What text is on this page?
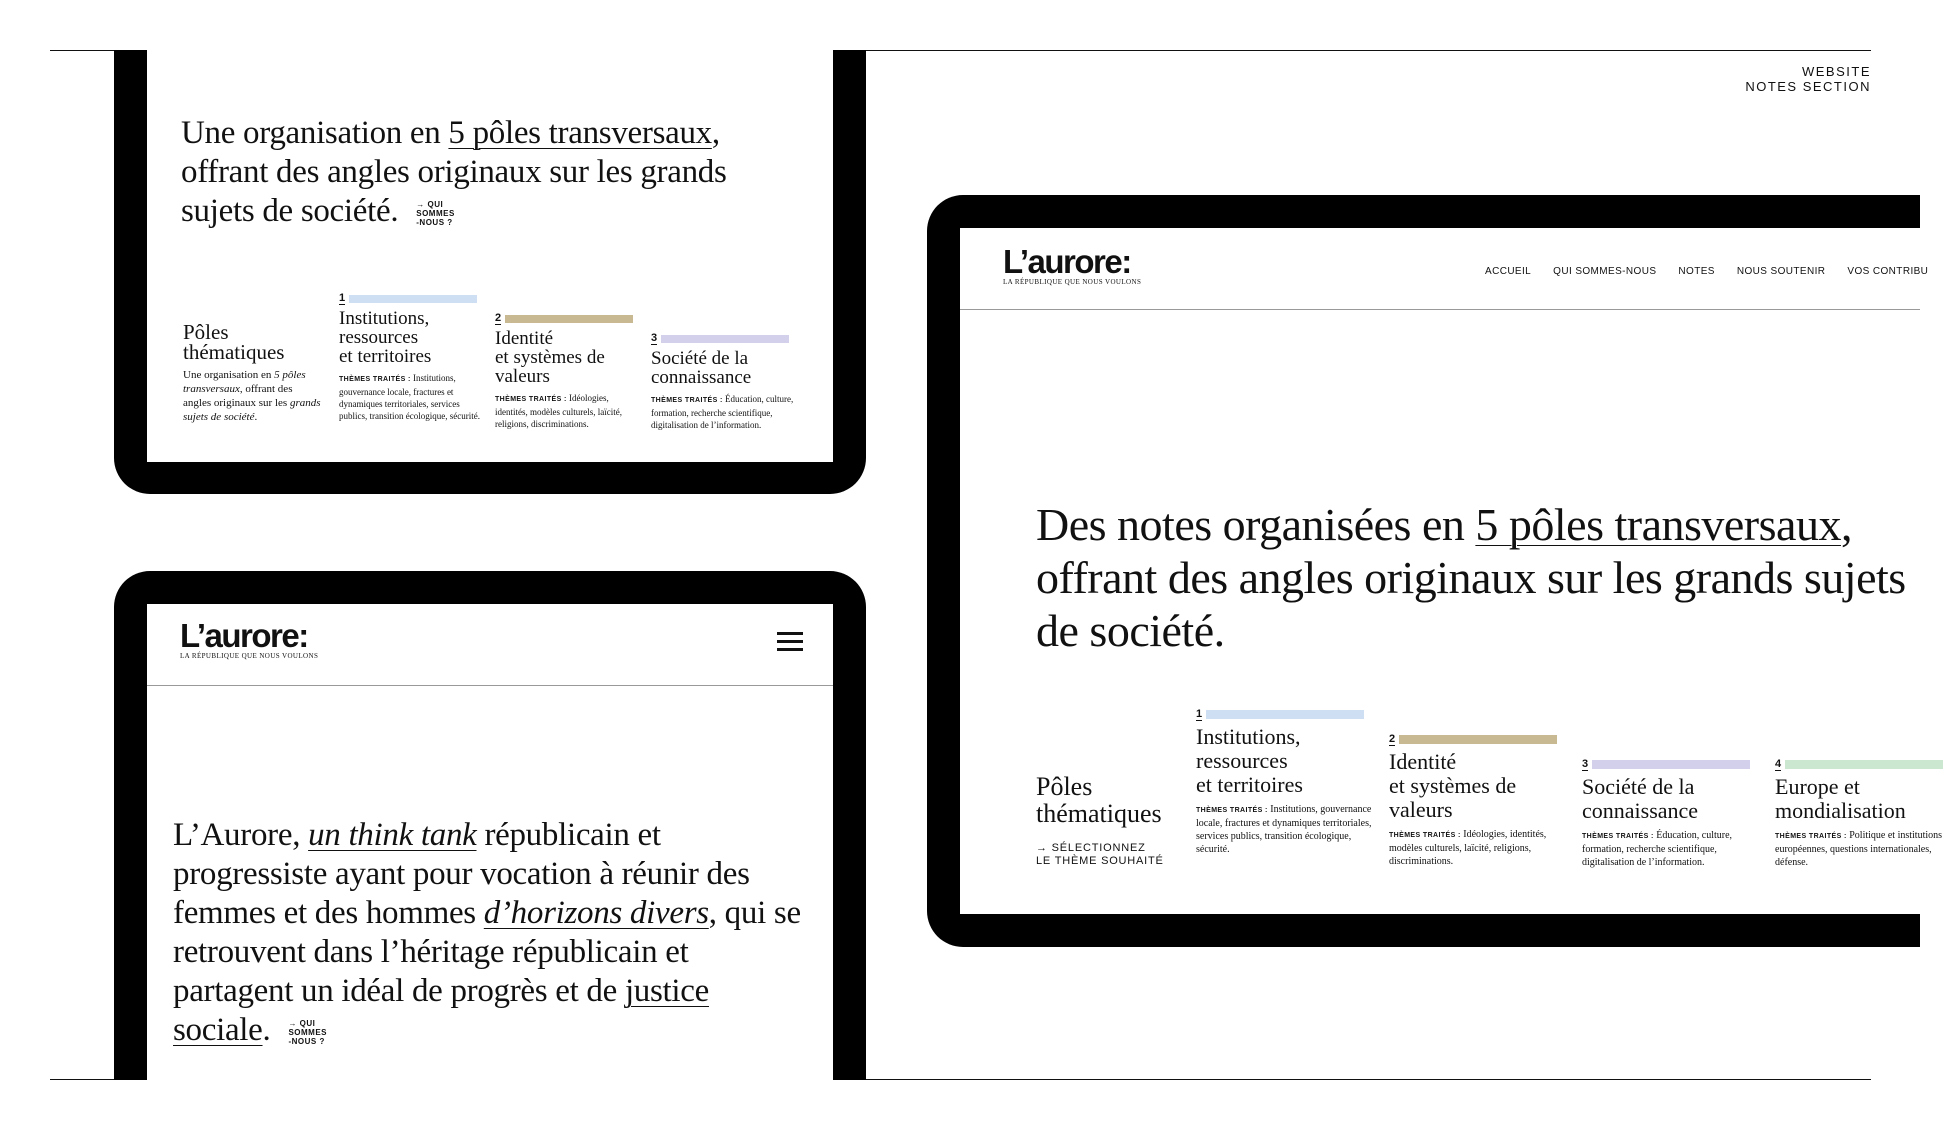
WEBSITE
NOTES SECTION

Une organisation en 5 pôles transversaux, offrant des angles originaux sur les grands sujets de société. → QUI
SOMMES
-NOUS ?

Pôles
thématiques
Une organisation en 5 pôles transversaux, offrant des angles originaux sur les grands sujets de société.
1
Institutions,
ressources
et territoires
THÈMES TRAITÉS : Institutions, gouvernance locale, fractures et dynamiques territoriales, services publics, transition écologique, sécurité.
2
Identité
et systèmes de
valeurs
THÈMES TRAITÉS : Idéologies, identités, modèles culturels, laïcité, religions, discriminations.
3
Société de la
connaissance
THÈMES TRAITÉS : Éducation, culture, formation, recherche scientifique, digitalisation de l’information.
L’aurore:
LA RÉPUBLIQUE QUE NOUS VOULONS

L’Aurore, un think tank républicain et progressiste ayant pour vocation à réunir des femmes et des hommes d’horizons divers, qui se retrouvent dans l’héritage républicain et partagent un idéal de progrès et de justice sociale. → QUI
SOMMES
-NOUS ?

L’aurore:
LA RÉPUBLIQUE QUE NOUS VOULONS
ACCUEIL QUI SOMMES-NOUS NOTES NOUS SOUTENIR VOS CONTRIBU

Des notes organisées en 5 pôles transversaux, offrant des angles originaux sur les grands sujets de société.

Pôles
thématiques
→ SÉLECTIONNEZ
LE THÈME SOUHAITÉ
1
Institutions,
ressources
et territoires
THÈMES TRAITÉS : Institutions, gouvernance locale, fractures et dynamiques territoriales, services publics, transition écologique, sécurité.
2
Identité
et systèmes de
valeurs
THÈMES TRAITÉS : Idéologies, identités, modèles culturels, laïcité, religions, discriminations.
3
Société de la
connaissance
THÈMES TRAITÉS : Éducation, culture, formation, recherche scientifique, digitalisation de l’information.
4
Europe et
mondialisation
THÈMES TRAITÉS : Politique et institutions européennes, questions internationales, défense.
